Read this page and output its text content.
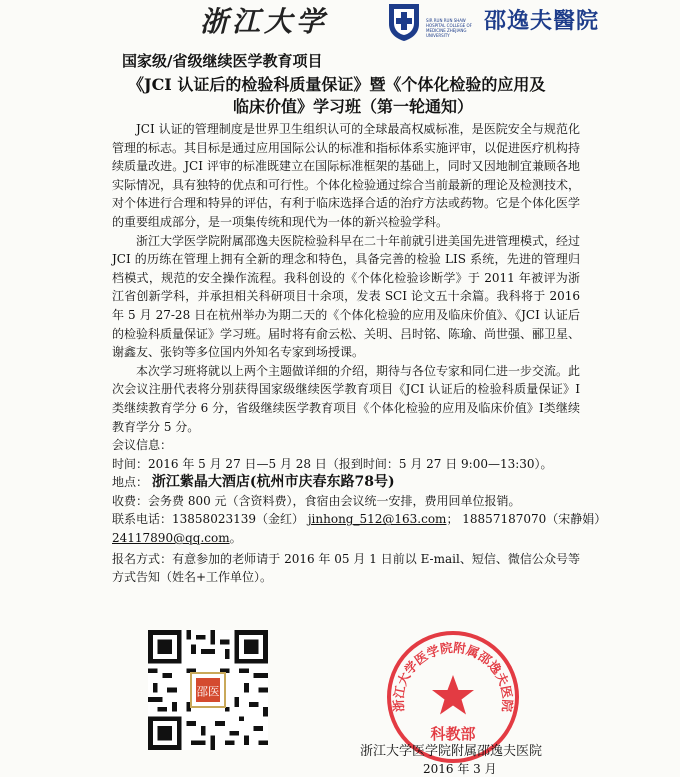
浙江大学	SIR RUN RUN SHAW HOSPITAL COLLEGE OF MEDICINE ZHEJIANG UNIVERSITY
邵逸夫醫院
国家级/省级继续医学教育项目
《JCI 认证后的检验科质量保证》暨《个体化检验的应用及
临床价值》学习班（第一轮通知）

JCI 认证的管理制度是世界卫生组织认可的全球最高权威标准，是医院安全与规范化管理的标志。其目标是通过应用国际公认的标准和指标体系实施评审，以促进医疗机构持续质量改进。JCI 评审的标准既建立在国际标准框架的基础上，同时又因地制宜兼顾各地实际情况，具有独特的优点和可行性。个体化检验通过综合当前最新的理论及检测技术，对个体进行合理和特异的评估，有利于临床选择合适的治疗方法或药物。它是个体化医学的重要组成部分，是一项集传统和现代为一体的新兴检验学科。

浙江大学医学院附属邵逸夫医院检验科早在二十年前就引进美国先进管理模式，经过 JCI 的历练在管理上拥有全新的理念和特色，具备完善的检验 LIS 系统，先进的管理归档模式，规范的安全操作流程。我科创设的《个体化检验诊断学》于 2011 年被评为浙江省创新学科，并承担相关科研项目十余项，发表 SCI 论文五十余篇。我科将于 2016 年 5 月 27-28 日在杭州举办为期二天的《个体化检验的应用及临床价值》、《JCI 认证后的检验科质量保证》学习班。届时将有俞云松、关明、吕时铭、陈瑜、尚世强、郦卫星、谢鑫友、张钧等多位国内外知名专家到场授课。

本次学习班将就以上两个主题做详细的介绍，期待与各位专家和同仁进一步交流。此次会议注册代表将分别获得国家级继续医学教育项目《JCI 认证后的检验科质量保证》Ⅰ类继续教育学分 6 分，省级继续医学教育项目《个体化检验的应用及临床价值》Ⅰ类继续教育学分 5 分。

会议信息：
时间：2016 年 5 月 27 日—5 月 28 日（报到时间：5 月 27 日 9:00—13:30）。
地点： 浙江紫晶大酒店(杭州市庆春东路78号)
收费：会务费 800 元（含资料费），食宿由会议统一安排，费用回单位报销。
联系电话：13858023139（金红） jinhong_512@163.com； 18857187070（宋静娟）
24117890@qq.com。

报名方式：有意参加的老师请于 2016 年 05 月 1 日前以 E-mail、短信、微信公众号等方式告知（姓名+工作单位）。

邵医
浙江大学医学院附属邵逸夫医院
科教部
浙江大学医学院附属邵逸夫医院
2016 年 3 月
